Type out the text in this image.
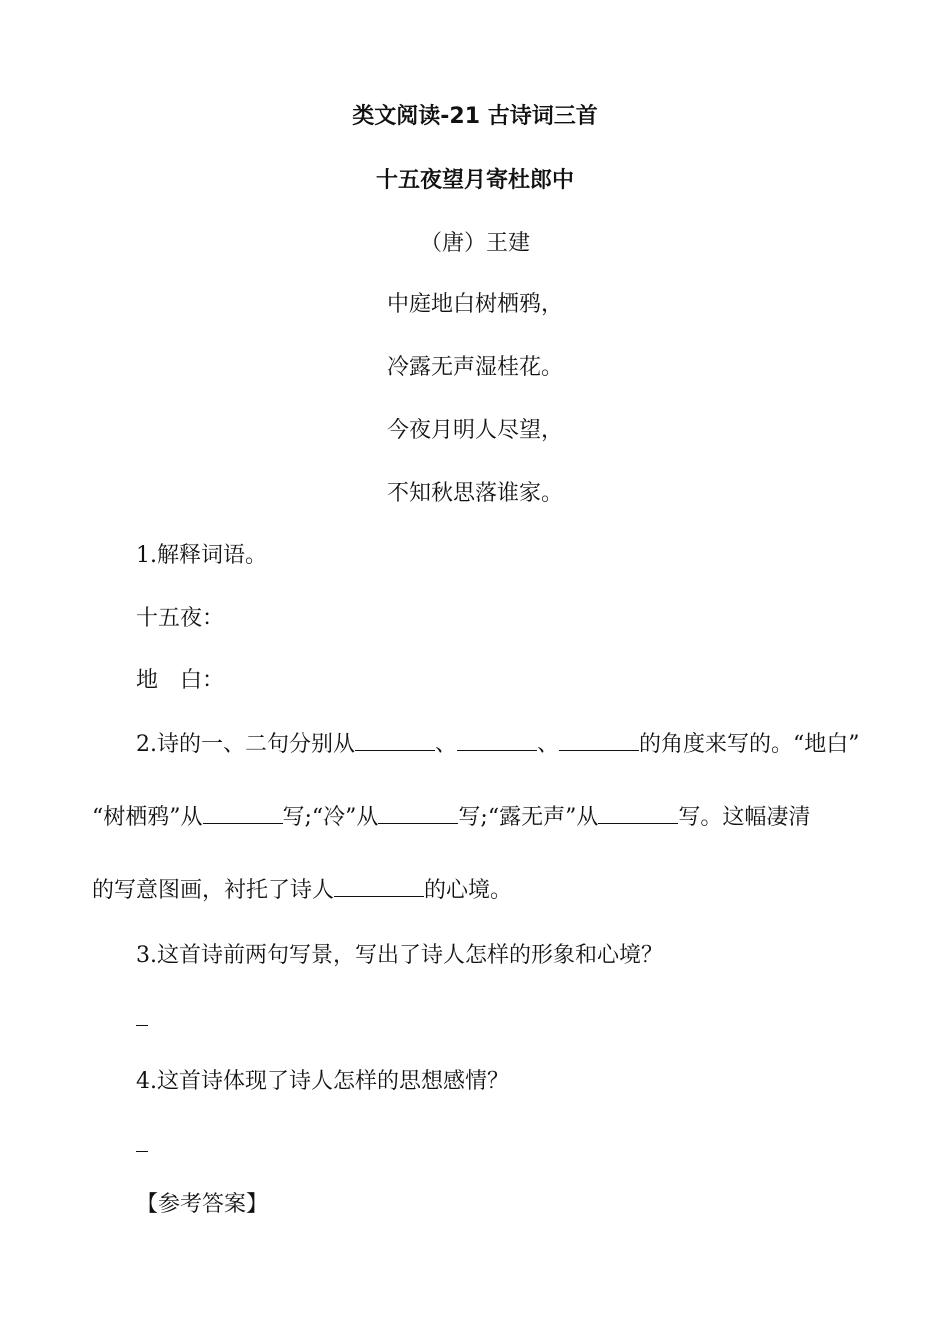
类文阅读-21 古诗词三首
十五夜望月寄杜郎中
（唐）王建
中庭地白树栖鸦，
冷露无声湿桂花。
今夜月明人尽望，
不知秋思落谁家。
1.解释词语。
十五夜：
地　白：
2.诗的一、二句分别从	、	、	的角度来写的。“地白”
“树栖鸦”从	写;“冷”从	写;“露无声”从	写。这幅凄清
的写意图画，衬托了诗人	的心境。
3.这首诗前两句写景，写出了诗人怎样的形象和心境？
4.这首诗体现了诗人怎样的思想感情？
【参考答案】
